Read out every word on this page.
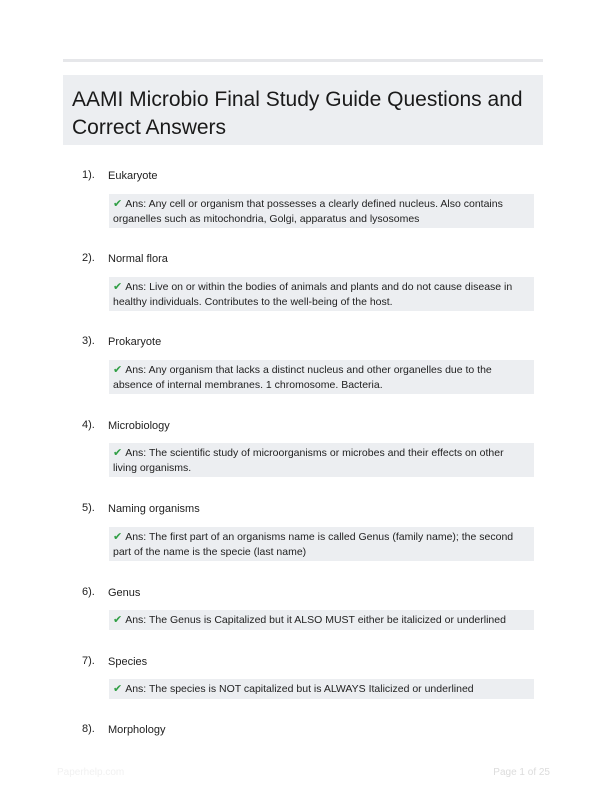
AAMI Microbio Final Study Guide Questions and Correct Answers
1). Eukaryote
✔ Ans: Any cell or organism that possesses a clearly defined nucleus. Also contains organelles such as mitochondria, Golgi, apparatus and lysosomes
2). Normal flora
✔ Ans: Live on or within the bodies of animals and plants and do not cause disease in healthy individuals. Contributes to the well-being of the host.
3). Prokaryote
✔ Ans: Any organism that lacks a distinct nucleus and other organelles due to the absence of internal membranes. 1 chromosome. Bacteria.
4). Microbiology
✔ Ans: The scientific study of microorganisms or microbes and their effects on other living organisms.
5). Naming organisms
✔ Ans: The first part of an organisms name is called Genus (family name); the second part of the name is the specie (last name)
6). Genus
✔ Ans: The Genus is Capitalized but it ALSO MUST either be italicized or underlined
7). Species
✔ Ans: The species is NOT capitalized but is ALWAYS Italicized or underlined
8). Morphology
Paperhelp.com	Page 1 of 25
